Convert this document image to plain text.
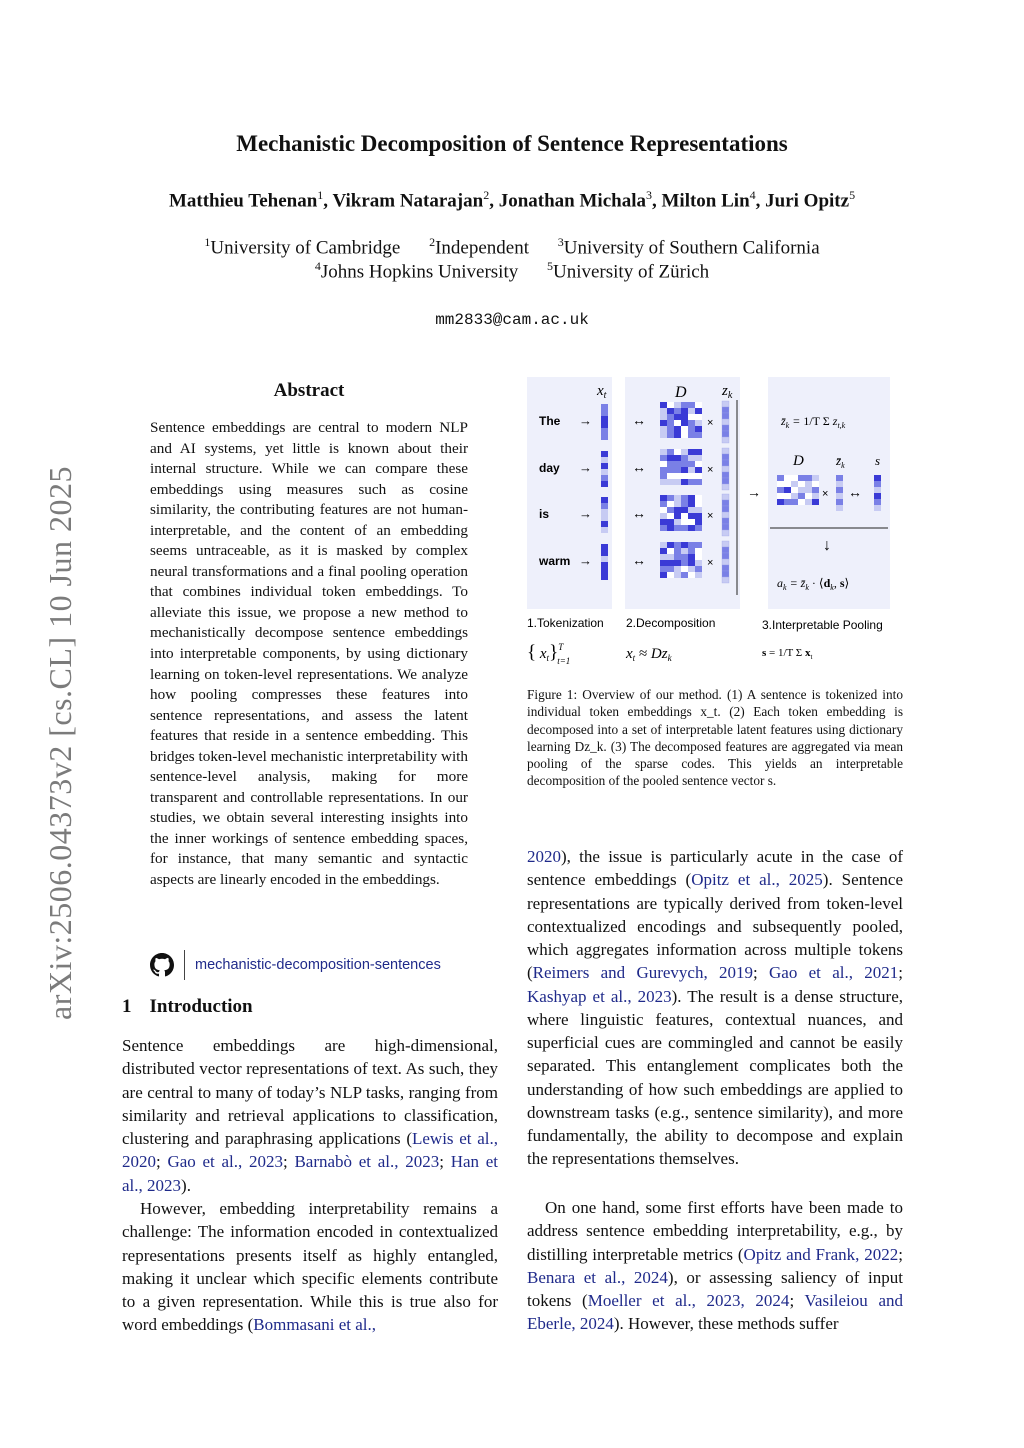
arXiv:2506.04373v2 [cs.CL] 10 Jun 2025
Mechanistic Decomposition of Sentence Representations
Matthieu Tehenan$^1$, Vikram Natarajan$^2$, Jonathan Michala$^3$, Milton Lin$^4$, Juri Opitz$^5$
$^1$University of Cambridge $^2$Independent $^3$University of Southern California
$^4$Johns Hopkins University $^5$University of Zürich
mm2833@cam.ac.uk
Abstract
Sentence embeddings are central to modern NLP and AI systems, yet little is known about their internal structure. While we can compare these embeddings using measures such as cosine similarity, the contributing features are not human-interpretable, and the content of an embedding seems untraceable, as it is masked by complex neural transformations and a final pooling operation that combines individual token embeddings. To alleviate this issue, we propose a new method to mechanistically decompose sentence embeddings into interpretable components, by using dictionary learning on token-level representations. We analyze how pooling compresses these features into sentence representations, and assess the latent features that reside in a sentence embedding. This bridges token-level mechanistic interpretability with sentence-level analysis, making for more transparent and controllable representations. In our studies, we obtain several interesting insights into the inner workings of sentence embedding spaces, for instance, that many semantic and syntactic aspects are linearly encoded in the embeddings.
mechanistic-decomposition-sentences
1 Introduction
Sentence embeddings are high-dimensional, distributed vector representations of text. As such, they are central to many of today’s NLP tasks, ranging from similarity and retrieval applications to classification, clustering and paraphrasing applications (Lewis et al., 2020; Gao et al., 2023; Barnabò et al., 2023; Han et al., 2023).
However, embedding interpretability remains a challenge: The information encoded in contextualized representations presents itself as highly entangled, making it unclear which specific elements contribute to a given representation. While this is true also for word embeddings (Bommasani et al.,
$x_t$	D $z_k$
The →	↔	×
day →	↔	×
is →	↔	×
warm →	↔	×
→
$z̄_k = 1/T$ Σ $z_{t,k}$
D $z̄_k$ s
× ↔
↓
$a_k$ = $z̄_k$ · $⟨d_k$, s⟩
1.Tokenization 2.Decomposition	3.Interpretable Pooling
{ $x_t\}^T$ t=1	$x_t \approx Dz_k$	s = 1/T Σ $x_t$
Figure 1: Overview of our method. (1) A sentence is tokenized into individual token embeddings x_t. (2) Each token embedding is decomposed into a set of interpretable latent features using dictionary learning Dz_k. (3) The decomposed features are aggregated via mean pooling of the sparse codes. This yields an interpretable decomposition of the pooled sentence vector s.
2020), the issue is particularly acute in the case of sentence embeddings (Opitz et al., 2025). Sentence representations are typically derived from token-level contextualized encodings and subsequently pooled, which aggregates information across multiple tokens (Reimers and Gurevych, 2019; Gao et al., 2021; Kashyap et al., 2023). The result is a dense structure, where linguistic features, contextual nuances, and superficial cues are commingled and cannot be easily separated. This entanglement complicates both the understanding of how such embeddings are applied to downstream tasks (e.g., sentence similarity), and more fundamentally, the ability to decompose and explain the representations themselves.
On one hand, some first efforts have been made to address sentence embedding interpretability, e.g., by distilling interpretable metrics (Opitz and Frank, 2022; Benara et al., 2024), or assessing saliency of input tokens (Moeller et al., 2023, 2024; Vasileiou and Eberle, 2024). However, these methods suffer
